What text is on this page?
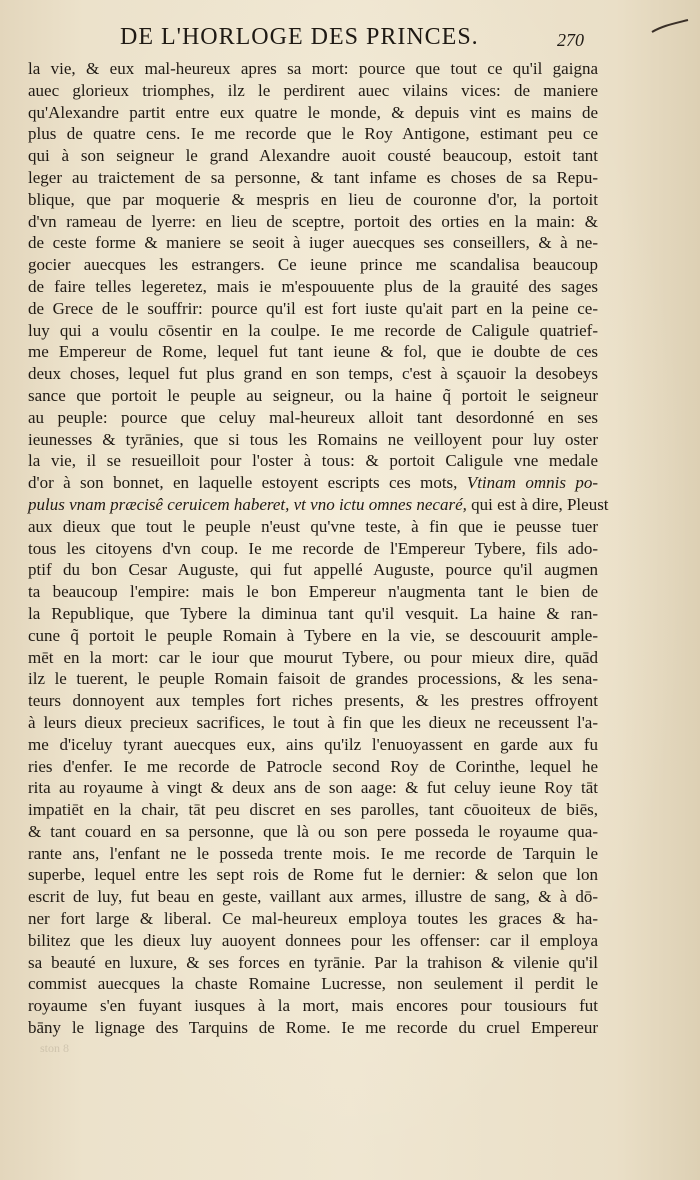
DE L'HORLOGE DES PRINCES.	270
la vie, & eux mal-heureux apres sa mort: pource que tout ce qu'il gaigna
auec glorieux triomphes, ilz le perdirent auec vilains vices: de maniere
qu'Alexandre partit entre eux quatre le monde, & depuis vint es mains de
plus de quatre cens. Ie me recorde que le Roy Antigone, estimant peu ce
qui à son seigneur le grand Alexandre auoit cousté beaucoup, estoit tant
leger au traictement de sa personne, & tant infame es choses de sa Repu-
blique, que par moquerie & mespris en lieu de couronne d'or, la portoit
d'vn rameau de lyerre: en lieu de sceptre, portoit des orties en la main: &
de ceste forme & maniere se seoit à iuger auecques ses conseillers, & à ne-
gocier auecques les estrangers. Ce ieune prince me scandalisa beaucoup
de faire telles legeretez, mais ie m'espouuente plus de la grauité des sages
de Grece de le souffrir: pource qu'il est fort iuste qu'ait part en la peine ce-
luy qui a voulu cōsentir en la coulpe. Ie me recorde de Caligule quatrief-
me Empereur de Rome, lequel fut tant ieune & fol, que ie doubte de ces
deux choses, lequel fut plus grand en son temps, c'est à sçauoir la desobeys
sance que portoit le peuple au seigneur, ou la haine q̃ portoit le seigneur
au peuple: pource que celuy mal-heureux alloit tant desordonné en ses
ieunesses & tyrānies, que si tous les Romains ne veilloyent pour luy oster
la vie, il se resueilloit pour l'oster à tous: & portoit Caligule vne medale
d'or à son bonnet, en laquelle estoyent escripts ces mots, Vtinam omnis po-
pulus vnam præcisê ceruicem haberet, vt vno ictu omnes necaré, qui est à dire, Pleust
aux dieux que tout le peuple n'eust qu'vne teste, à fin que ie peusse tuer
tous les citoyens d'vn coup. Ie me recorde de l'Empereur Tybere, fils ado-
ptif du bon Cesar Auguste, qui fut appellé Auguste, pource qu'il augmen
ta beaucoup l'empire: mais le bon Empereur n'augmenta tant le bien de
la Republique, que Tybere la diminua tant qu'il vesquit. La haine & ran-
cune q̃ portoit le peuple Romain à Tybere en la vie, se descouurit ample-
mēt en la mort: car le iour que mourut Tybere, ou pour mieux dire, quād
ilz le tuerent, le peuple Romain faisoit de grandes processions, & les sena-
teurs donnoyent aux temples fort riches presents, & les prestres offroyent
à leurs dieux precieux sacrifices, le tout à fin que les dieux ne receussent l'a-
me d'iceluy tyrant auecques eux, ains qu'ilz l'enuoyassent en garde aux fu
ries d'enfer. Ie me recorde de Patrocle second Roy de Corinthe, lequel he
rita au royaume à vingt & deux ans de son aage: & fut celuy ieune Roy tāt
impatiēt en la chair, tāt peu discret en ses parolles, tant cōuoiteux de biēs,
& tant couard en sa personne, que là ou son pere posseda le royaume qua-
rante ans, l'enfant ne le posseda trente mois. Ie me recorde de Tarquin le
superbe, lequel entre les sept rois de Rome fut le dernier: & selon que lon
escrit de luy, fut beau en geste, vaillant aux armes, illustre de sang, & à dō-
ner fort large & liberal. Ce mal-heureux employa toutes les graces & ha-
bilitez que les dieux luy auoyent donnees pour les offenser: car il employa
sa beauté en luxure, & ses forces en tyrānie. Par la trahison & vilenie qu'il
commist auecques la chaste Romaine Lucresse, non seulement il perdit le
royaume s'en fuyant iusques à la mort, mais encores pour tousiours fut
bāny le lignage des Tarquins de Rome. Ie me recorde du cruel Empereur
ston 8
